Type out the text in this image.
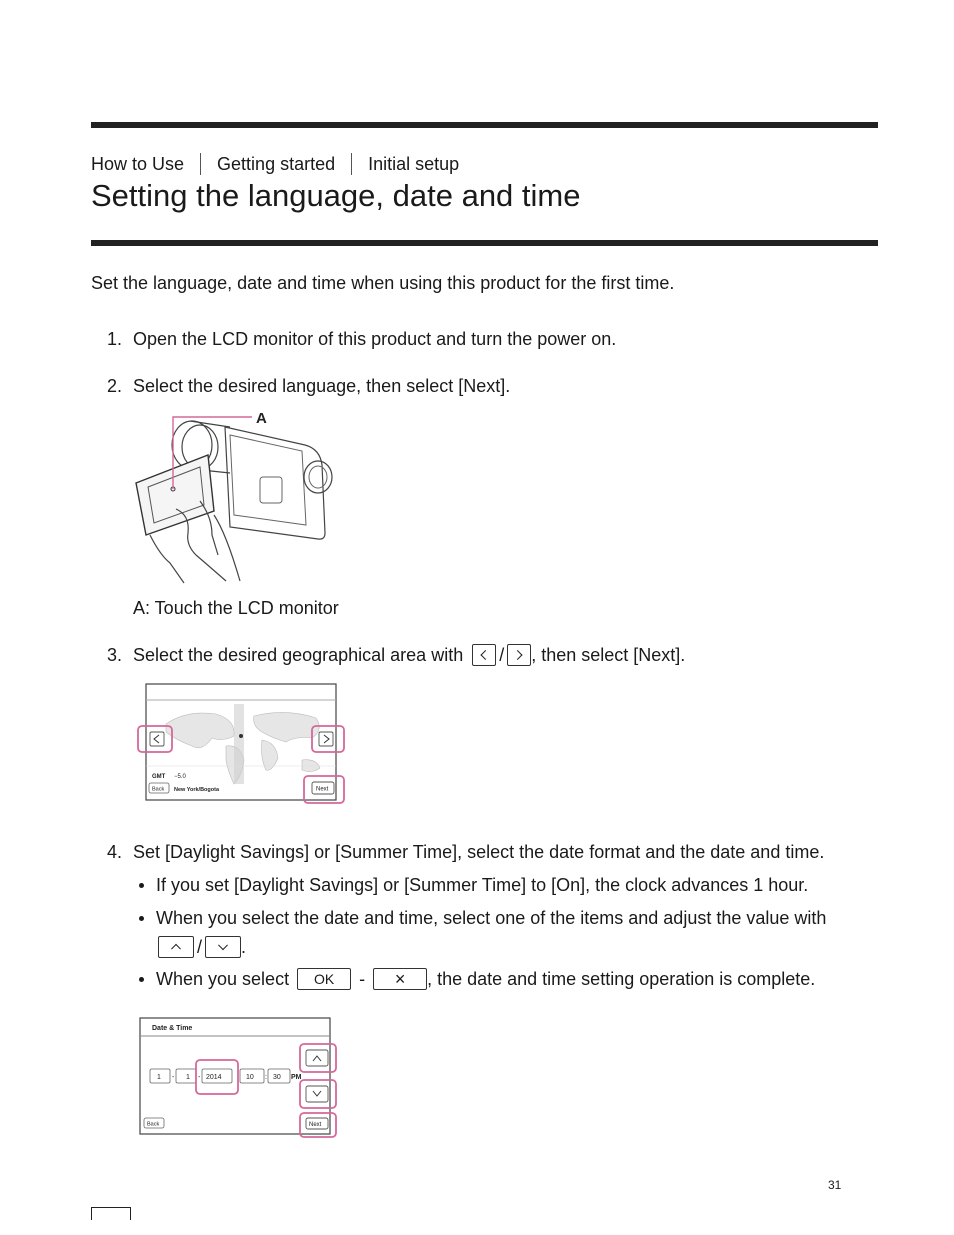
How to Use Getting started Initial setup
Setting the language, date and time
Set the language, date and time when using this product for the first time.
1. Open the LCD monitor of this product and turn the power on.
2. Select the desired language, then select [Next].
A
A: Touch the LCD monitor
3. Select the desired geographical area with / , then select [Next].
GMT −5.0
Back New York/Bogota	Next
4. Set [Daylight Savings] or [Summer Time], select the date format and the date and time.
If you set [Daylight Savings] or [Summer Time] to [On], the clock advances 1 hour.
When you select the date and time, select one of the items and adjust the value with
/ .
When you select	OK	-	×	, the date and time setting operation is complete.
Date & Time
1 - 1 - 2014	10 : 30 PM
Back	Next
31
